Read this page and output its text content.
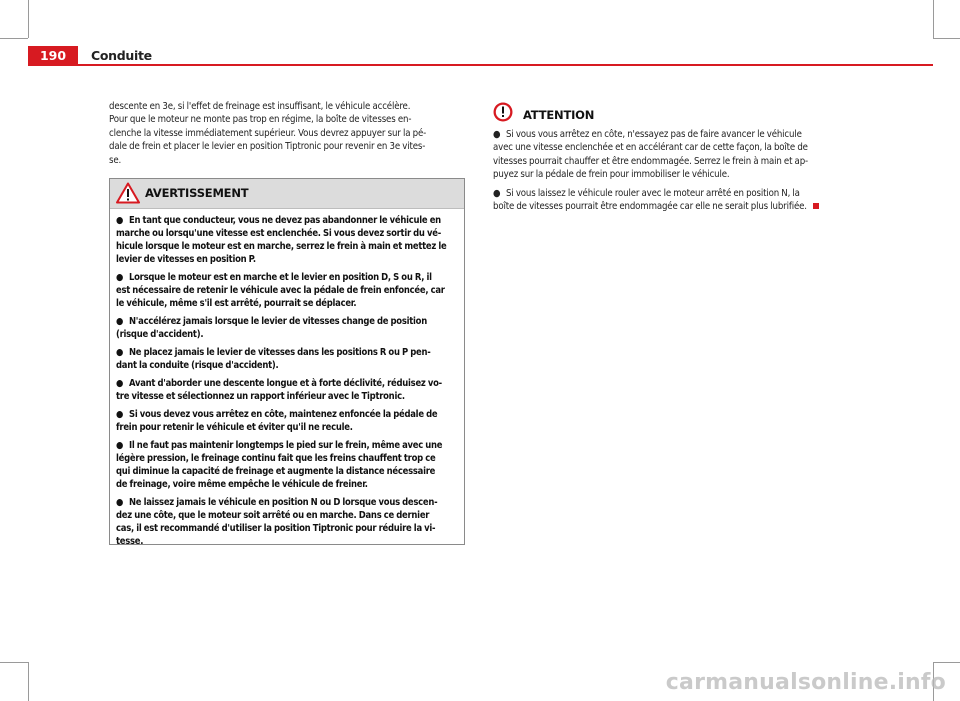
190	Conduite

descente en 3e, si l'effet de freinage est insuffisant, le véhicule accélère.

Pour que le moteur ne monte pas trop en régime, la boîte de vitesses en-

clenche la vitesse immédiatement supérieur. Vous devrez appuyer sur la pé-

dale de frein et placer le levier en position Tiptronic pour revenir en 3e vites-

se.

AVERTISSEMENT

● En tant que conducteur, vous ne devez pas abandonner le véhicule en
marche ou lorsqu'une vitesse est enclenchée. Si vous devez sortir du vé-
hicule lorsque le moteur est en marche, serrez le frein à main et mettez le
levier de vitesses en position P.

● Lorsque le moteur est en marche et le levier en position D, S ou R, il
est nécessaire de retenir le véhicule avec la pédale de frein enfoncée, car
le véhicule, même s'il est arrêté, pourrait se déplacer.

● N'accélérez jamais lorsque le levier de vitesses change de position
(risque d'accident).

● Ne placez jamais le levier de vitesses dans les positions R ou P pen-
dant la conduite (risque d'accident).

● Avant d'aborder une descente longue et à forte déclivité, réduisez vo-
tre vitesse et sélectionnez un rapport inférieur avec le Tiptronic.

● Si vous devez vous arrêtez en côte, maintenez enfoncée la pédale de
frein pour retenir le véhicule et éviter qu'il ne recule.

● Il ne faut pas maintenir longtemps le pied sur le frein, même avec une
légère pression, le freinage continu fait que les freins chauffent trop ce
qui diminue la capacité de freinage et augmente la distance nécessaire
de freinage, voire même empêche le véhicule de freiner.

● Ne laissez jamais le véhicule en position N ou D lorsque vous descen-
dez une côte, que le moteur soit arrêté ou en marche. Dans ce dernier
cas, il est recommandé d'utiliser la position Tiptronic pour réduire la vi-
tesse.

ATTENTION

● Si vous vous arrêtez en côte, n'essayez pas de faire avancer le véhicule
avec une vitesse enclenchée et en accélérant car de cette façon, la boîte de
vitesses pourrait chauffer et être endommagée. Serrez le frein à main et ap-
puyez sur la pédale de frein pour immobiliser le véhicule.

● Si vous laissez le véhicule rouler avec le moteur arrêté en position N, la
boîte de vitesses pourrait être endommagée car elle ne serait plus lubrifiée.

carmanualsonline.info
